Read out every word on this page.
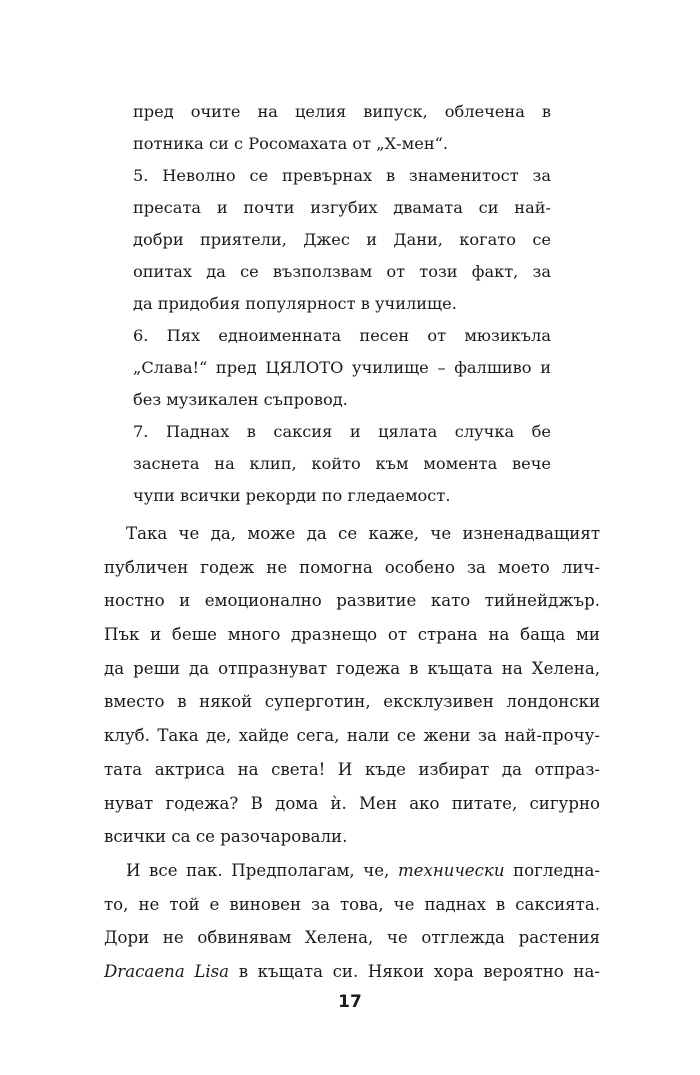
пред очите на целия випуск, облечена в
потника си с Росомахата от „Х-мен“.
5. Неволно се превърнах в знаменитост за
пресата и почти изгубих двамата си най-
добри приятели, Джес и Дани, когато се
опитах да се възползвам от този факт, за
да придобия популярност в училище.
6. Пях едноименната песен от мюзикъла
„Слава!“ пред ЦЯЛОТО училище – фалшиво и
без музикален съпровод.
7. Паднах в саксия и цялата случка бе
заснета на клип, който към момента вече
чупи всички рекорди по гледаемост.
Така че да, може да се каже, че изненадващият
публичен годеж не помогна особено за моето лич-
ностно и емоционално развитие като тийнейджър.
Пък и беше много дразнещо от страна на баща ми
да реши да отпразнуват годежа в къщата на Хелена,
вместо в някой суперготин, ексклузивен лондонски
клуб. Така де, хайде сега, нали се жени за най-прочу-
тата актриса на света! И къде избират да отпраз-
нуват годежа? В дома ѝ. Мен ако питате, сигурно
всички са се разочаровали.
И все пак. Предполагам, че, технически погледна-
то, не той е виновен за това, че паднах в саксията.
Дори не обвинявам Хелена, че отглежда растения
Dracaena Lisa в къщата си. Някои хора вероятно на-
17
